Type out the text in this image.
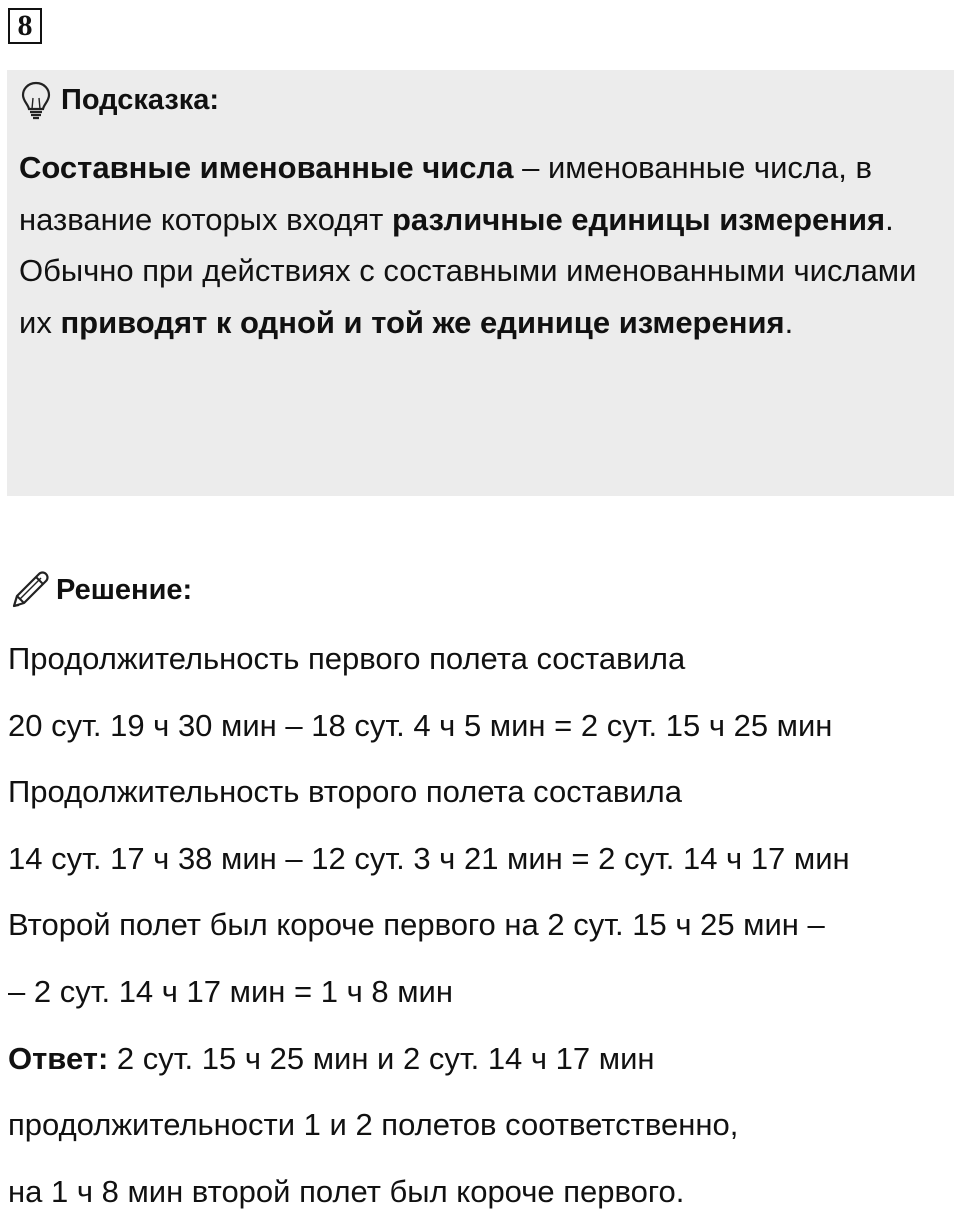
8
Подсказка:
Составные именованные числа – именованные числа, в название которых входят различные единицы измерения.
Обычно при действиях с составными именованными числами их приводят к одной и той же единице измерения.
Решение:
Продолжительность первого полета составила
20 сут. 19 ч 30 мин – 18 сут. 4 ч 5 мин = 2 сут. 15 ч 25 мин
Продолжительность второго полета составила
14 сут. 17 ч 38 мин – 12 сут. 3 ч 21 мин = 2 сут. 14 ч 17 мин
Второй полет был короче первого на 2 сут. 15 ч 25 мин –
– 2 сут. 14 ч 17 мин = 1 ч 8 мин
Ответ: 2 сут. 15 ч 25 мин и 2 сут. 14 ч 17 мин
продолжительности 1 и 2 полетов соответственно,
на 1 ч 8 мин второй полет был короче первого.
